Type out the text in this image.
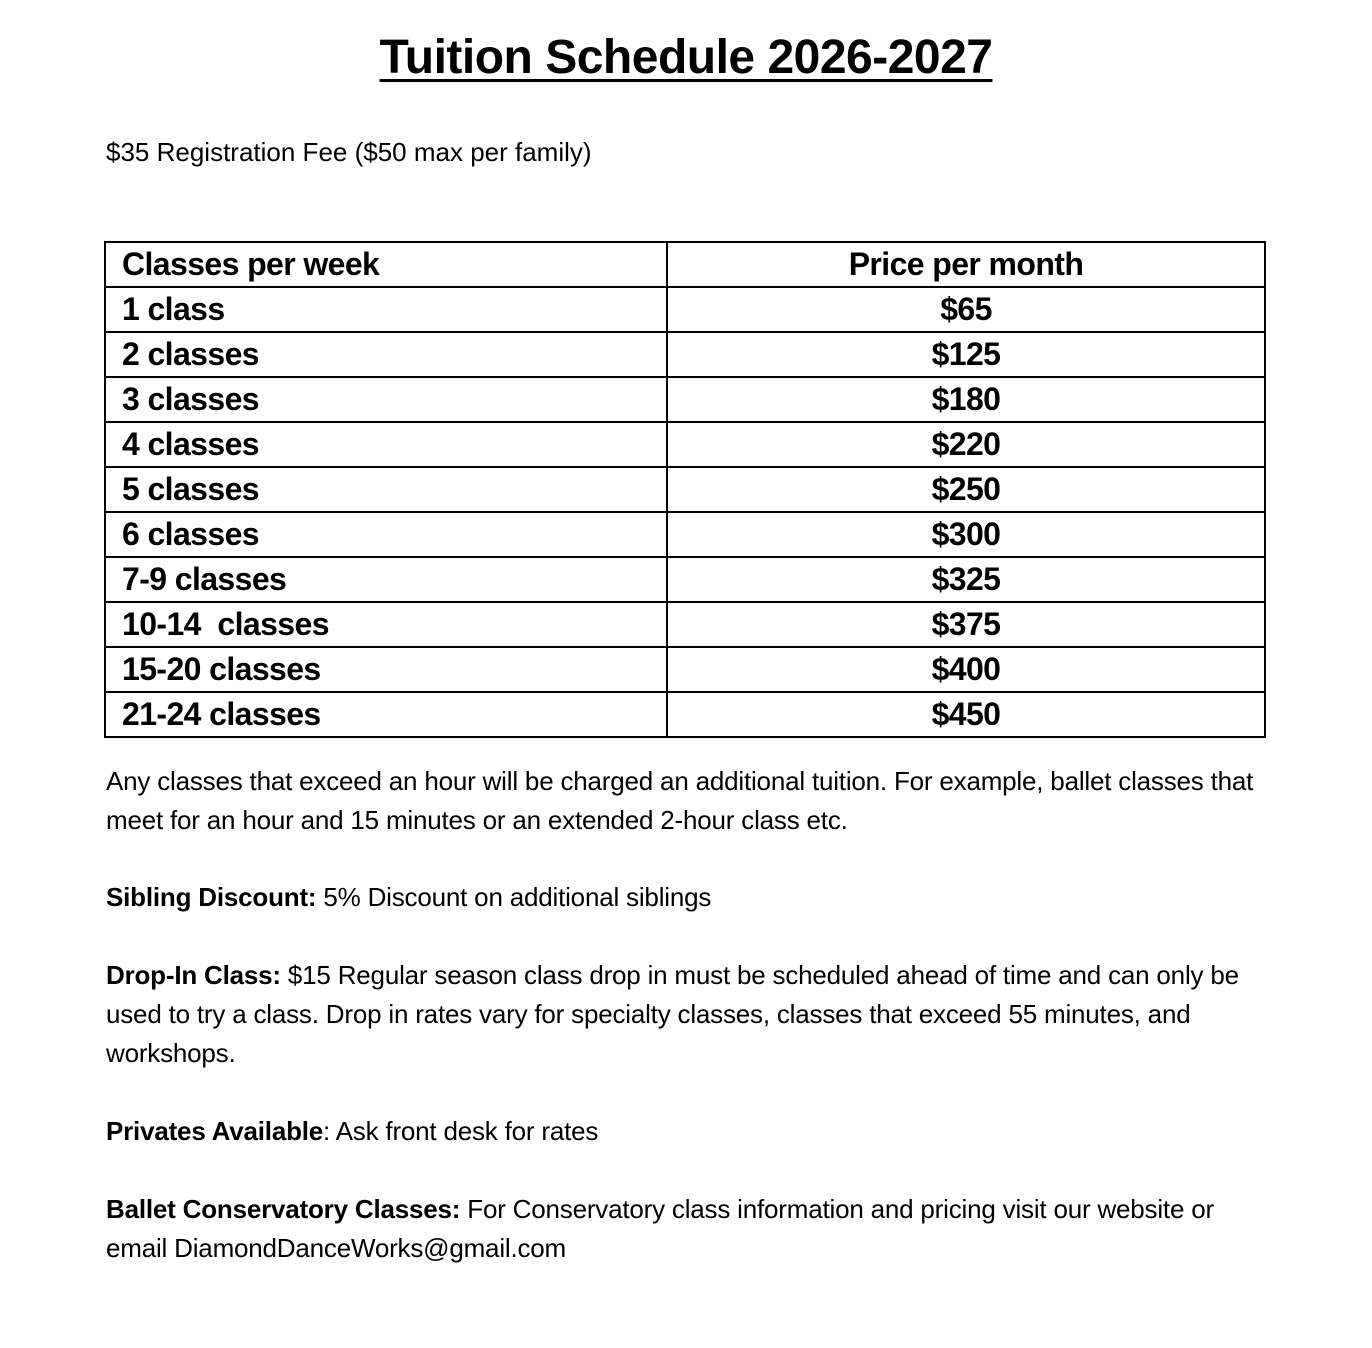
Tuition Schedule 2026-2027
$35 Registration Fee ($50 max per family)
Classes per week	Price per month
1 class	$65
2 classes	$125
3 classes	$180
4 classes	$220
5 classes	$250
6 classes	$300
7-9 classes	$325
10-14  classes	$375
15-20 classes	$400
21-24 classes	$450
Any classes that exceed an hour will be charged an additional tuition. For example, ballet classes that meet for an hour and 15 minutes or an extended 2-hour class etc.
Sibling Discount: 5% Discount on additional siblings
Drop-In Class: $15 Regular season class drop in must be scheduled ahead of time and can only be used to try a class. Drop in rates vary for specialty classes, classes that exceed 55 minutes, and workshops.
Privates Available: Ask front desk for rates
Ballet Conservatory Classes: For Conservatory class information and pricing visit our website or email DiamondDanceWorks@gmail.com
